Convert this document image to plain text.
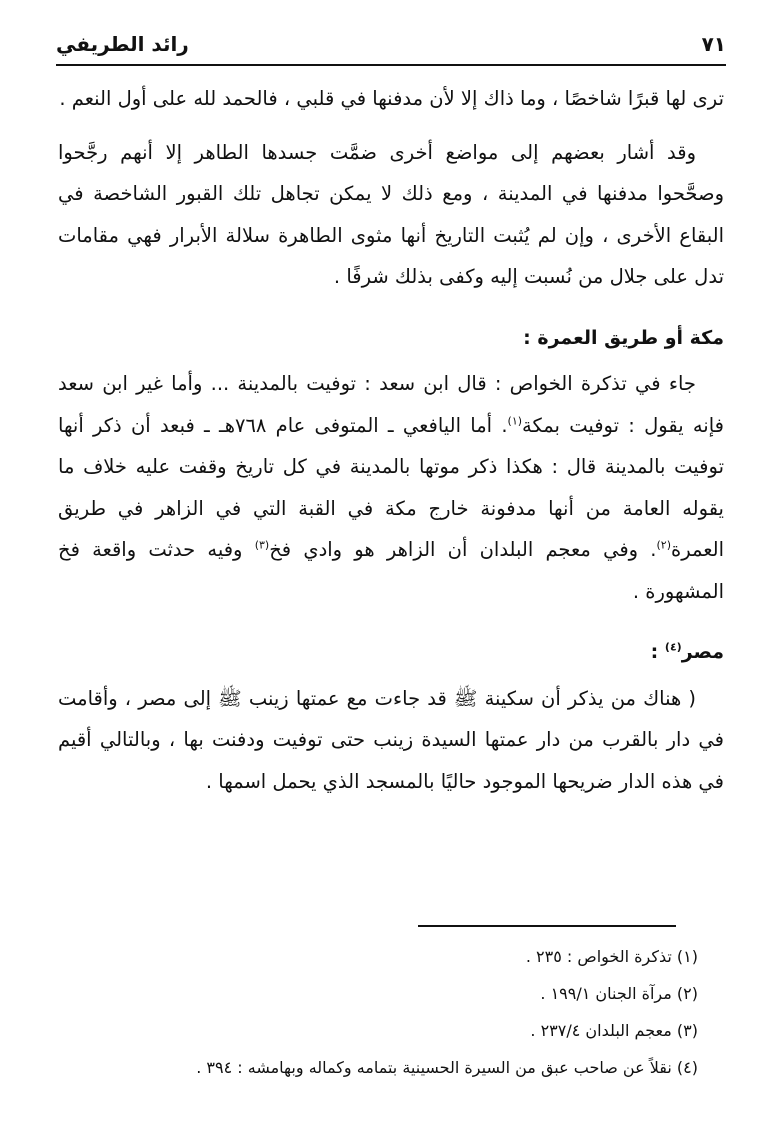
رائد الطريفي	٧١

ترى لها قبرًا شاخصًا ، وما ذاك إلا لأن مدفنها في قلبي ، فالحمد لله على أول النعم .

وقد أشار بعضهم إلى مواضع أخرى ضمَّت جسدها الطاهر إلا أنهم رجَّحوا وصحَّحوا مدفنها في المدينة ، ومع ذلك لا يمكن تجاهل تلك القبور الشاخصة في البقاع الأخرى ، وإن لم يُثبت التاريخ أنها مثوى الطاهرة سلالة الأبرار فهي مقامات تدل على جلال من نُسبت إليه وكفى بذلك شرفًا .

مكة أو طريق العمرة :

جاء في تذكرة الخواص : قال ابن سعد : توفيت بالمدينة ... وأما غير ابن سعد فإنه يقول : توفيت بمكة$^{(١)}$. أما اليافعي ـ المتوفى عام ٧٦٨هـ ـ فبعد أن ذكر أنها توفيت بالمدينة قال : هكذا ذكر موتها بالمدينة في كل تاريخ وقفت عليه خلاف ما يقوله العامة من أنها مدفونة خارج مكة في القبة التي في الزاهر في طريق العمرة$^{(٢)}$. وفي معجم البلدان أن الزاهر هو وادي فخ$^{(٣)}$ وفيه حدثت واقعة فخ المشهورة .

مصر$^{(٤)}$ :

( هناك من يذكر أن سكينة ﷺ قد جاءت مع عمتها زينب ﷺ إلى مصر ، وأقامت في دار بالقرب من دار عمتها السيدة زينب حتى توفيت ودفنت بها ، وبالتالي أقيم في هذه الدار ضريحها الموجود حاليًا بالمسجد الذي يحمل اسمها .

(١) تذكرة الخواص : ٢٣٥ .
(٢) مرآة الجنان ١٩٩/١ .
(٣) معجم البلدان ٢٣٧/٤ .
(٤) نقلاً عن صاحب عبق من السيرة الحسينية بتمامه وكماله وبهامشه : ٣٩٤ .
